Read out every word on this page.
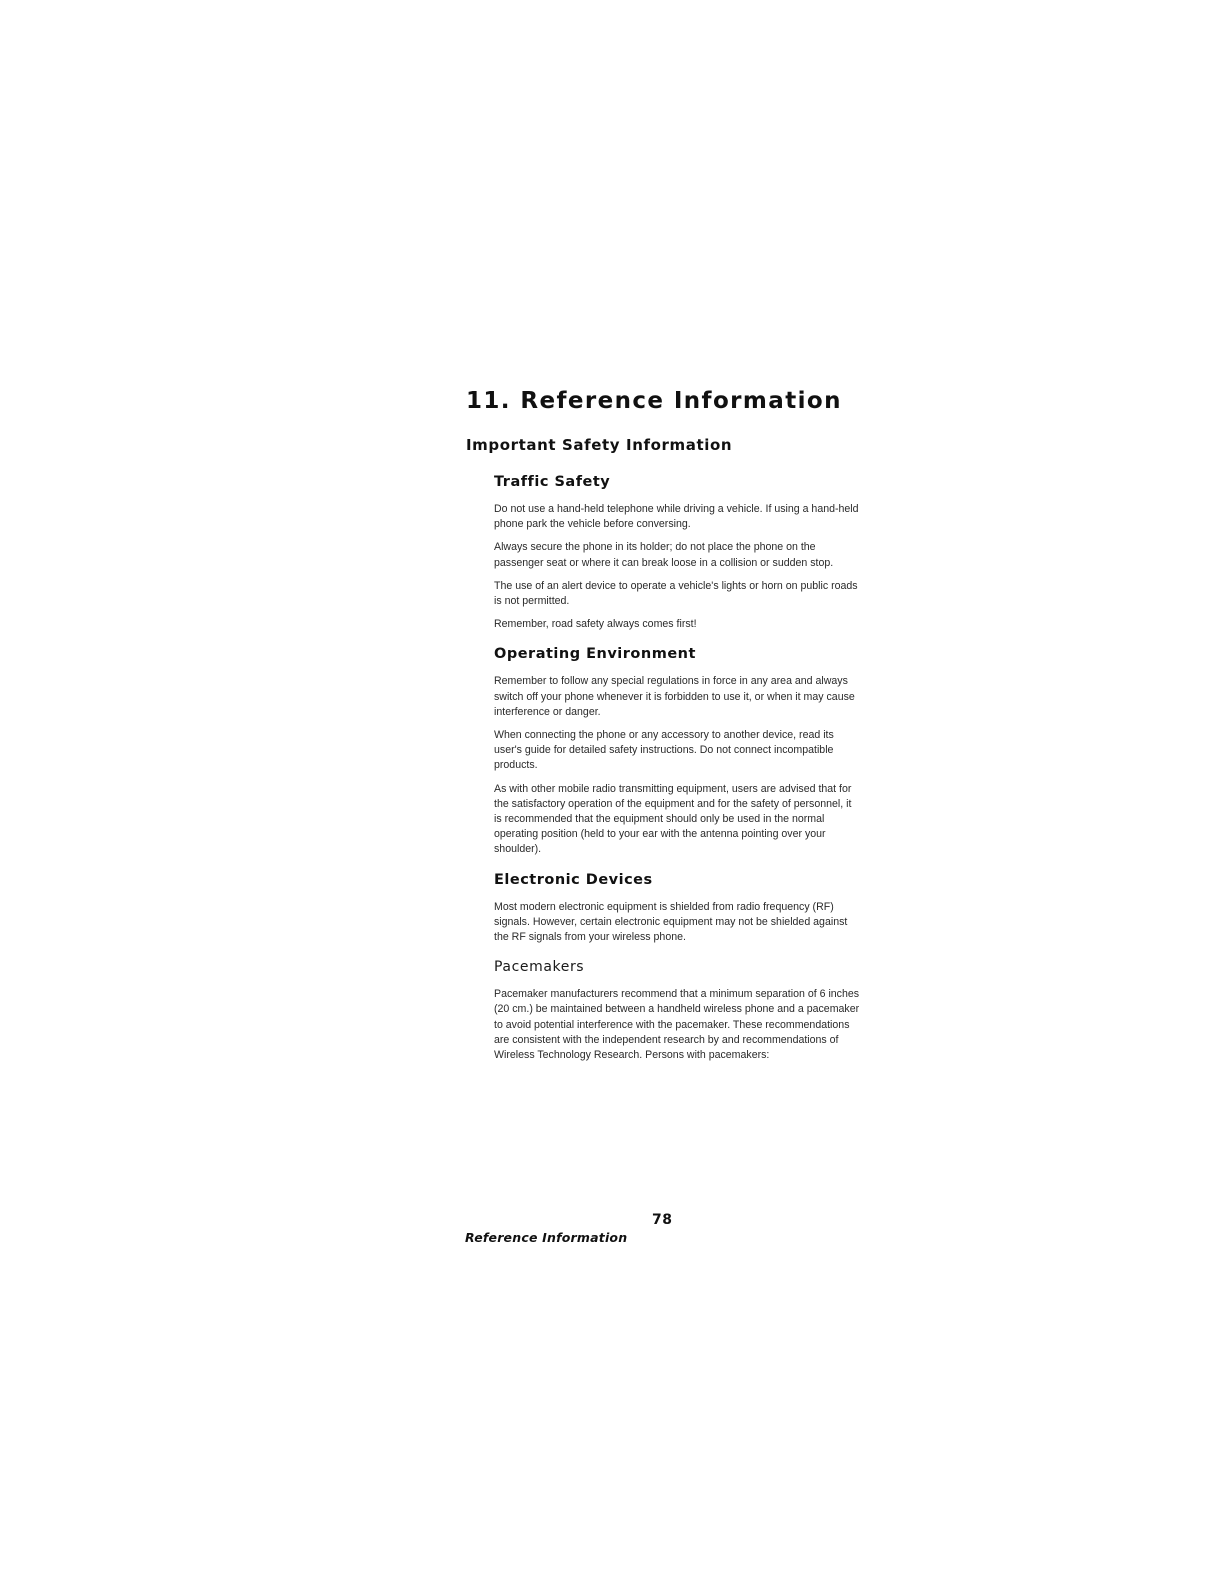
11. Reference Information
Important Safety Information
Traffic Safety

Do not use a hand-held telephone while driving a vehicle. If using a hand-held phone park the vehicle before conversing.

Always secure the phone in its holder; do not place the phone on the passenger seat or where it can break loose in a collision or sudden stop.

The use of an alert device to operate a vehicle's lights or horn on public roads is not permitted.

Remember, road safety always comes first!

Operating Environment

Remember to follow any special regulations in force in any area and always switch off your phone whenever it is forbidden to use it, or when it may cause interference or danger.

When connecting the phone or any accessory to another device, read its user's guide for detailed safety instructions. Do not connect incompatible products.

As with other mobile radio transmitting equipment, users are advised that for the satisfactory operation of the equipment and for the safety of personnel, it is recommended that the equipment should only be used in the normal operating position (held to your ear with the antenna pointing over your shoulder).

Electronic Devices

Most modern electronic equipment is shielded from radio frequency (RF) signals. However, certain electronic equipment may not be shielded against the RF signals from your wireless phone.

Pacemakers

Pacemaker manufacturers recommend that a minimum separation of 6 inches (20 cm.) be maintained between a handheld wireless phone and a pacemaker to avoid potential interference with the pacemaker. These recommendations are consistent with the independent research by and recommendations of Wireless Technology Research. Persons with pacemakers:

78
Reference Information
